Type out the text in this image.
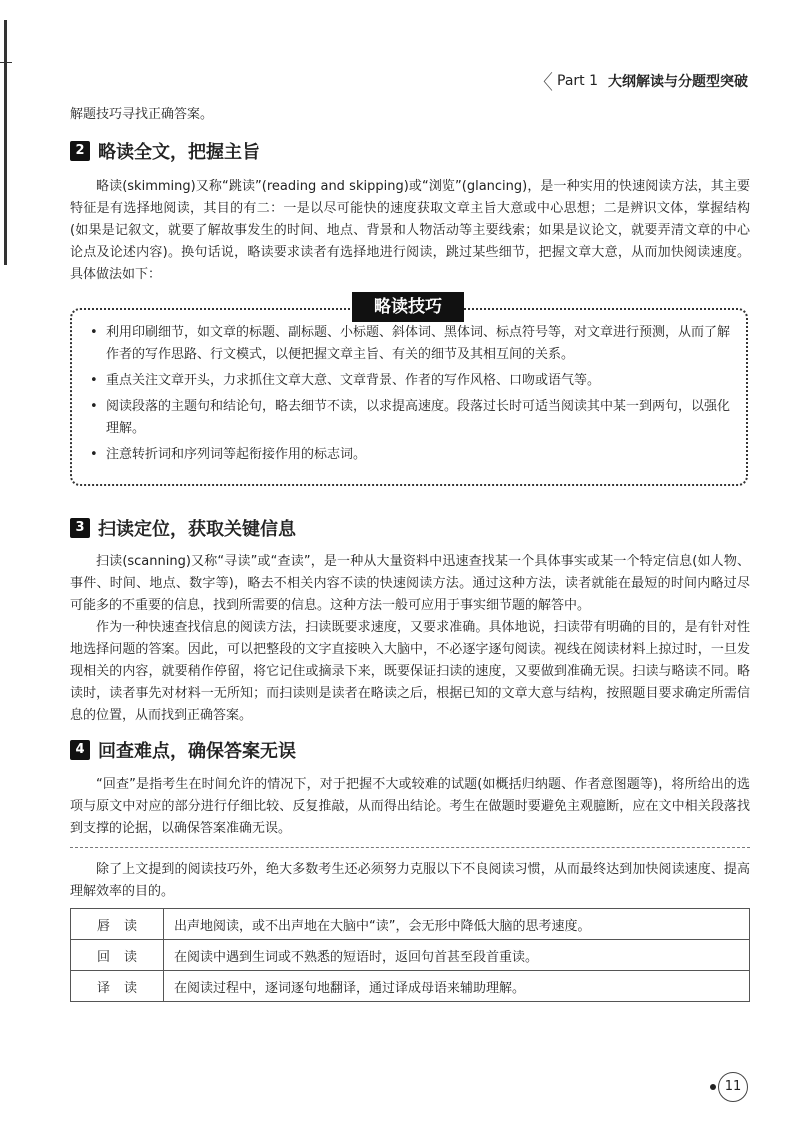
〈 Part 1 大纲解读与分题型突破

解题技巧寻找正确答案。

2 略读全文，把握主旨

略读(skimming)又称“跳读”(reading and skipping)或“浏览”(glancing)，是一种实用的快速阅读方法，其主要特征是有选择地阅读，其目的有二：一是以尽可能快的速度获取文章主旨大意或中心思想；二是辨识文体，掌握结构(如果是记叙文，就要了解故事发生的时间、地点、背景和人物活动等主要线索；如果是议论文，就要弄清文章的中心论点及论述内容)。换句话说，略读要求读者有选择地进行阅读，跳过某些细节，把握文章大意，从而加快阅读速度。具体做法如下：

略读技巧
• 利用印刷细节，如文章的标题、副标题、小标题、斜体词、黑体词、标点符号等，对文章进行预测，从而了解作者的写作思路、行文模式，以便把握文章主旨、有关的细节及其相互间的关系。
• 重点关注文章开头，力求抓住文章大意、文章背景、作者的写作风格、口吻或语气等。
• 阅读段落的主题句和结论句，略去细节不读，以求提高速度。段落过长时可适当阅读其中某一到两句，以强化理解。
• 注意转折词和序列词等起衔接作用的标志词。
3 扫读定位，获取关键信息

扫读(scanning)又称“寻读”或“查读”，是一种从大量资料中迅速查找某一个具体事实或某一个特定信息(如人物、事件、时间、地点、数字等)，略去不相关内容不读的快速阅读方法。通过这种方法，读者就能在最短的时间内略过尽可能多的不重要的信息，找到所需要的信息。这种方法一般可应用于事实细节题的解答中。

作为一种快速查找信息的阅读方法，扫读既要求速度，又要求准确。具体地说，扫读带有明确的目的，是有针对性地选择问题的答案。因此，可以把整段的文字直接映入大脑中，不必逐字逐句阅读。视线在阅读材料上掠过时，一旦发现相关的内容，就要稍作停留，将它记住或摘录下来，既要保证扫读的速度，又要做到准确无误。扫读与略读不同。略读时，读者事先对材料一无所知；而扫读则是读者在略读之后，根据已知的文章大意与结构，按照题目要求确定所需信息的位置，从而找到正确答案。

4 回查难点，确保答案无误

“回查”是指考生在时间允许的情况下，对于把握不大或较难的试题(如概括归纳题、作者意图题等)，将所给出的选项与原文中对应的部分进行仔细比较、反复推敲，从而得出结论。考生在做题时要避免主观臆断，应在文中相关段落找到支撑的论据，以确保答案准确无误。

除了上文提到的阅读技巧外，绝大多数考生还必须努力克服以下不良阅读习惯，从而最终达到加快阅读速度、提高理解效率的目的。

唇读	出声地阅读，或不出声地在大脑中“读”，会无形中降低大脑的思考速度。
回读	在阅读中遇到生词或不熟悉的短语时，返回句首甚至段首重读。
译读	在阅读过程中，逐词逐句地翻译，通过译成母语来辅助理解。
11
